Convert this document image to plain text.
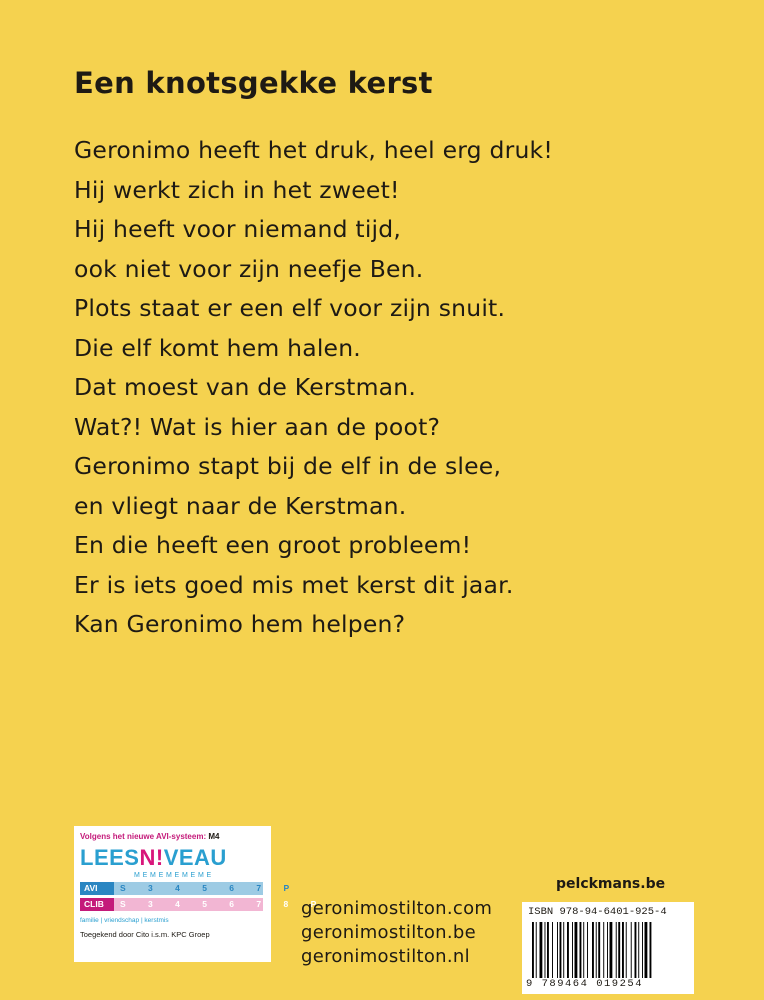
Een knotsgekke kerst
Geronimo heeft het druk, heel erg druk!
Hij werkt zich in het zweet!
Hij heeft voor niemand tijd,
ook niet voor zijn neefje Ben.
Plots staat er een elf voor zijn snuit.
Die elf komt hem halen.
Dat moest van de Kerstman.
Wat?! Wat is hier aan de poot?
Geronimo stapt bij de elf in de slee,
en vliegt naar de Kerstman.
En die heeft een groot probleem!
Er is iets goed mis met kerst dit jaar.
Kan Geronimo hem helpen?
Volgens het nieuwe AVI-systeem: M4
LEESN!VEAU
M E M E M E M E M E
AVI	S 3 4 5 6 7 P
CLIB	S 3 4 5 6 7 8 P
familie | vriendschap | kerstmis
Toegekend door Cito i.s.m. KPC Groep
geronimostilton.com
geronimostilton.be
geronimostilton.nl
pelckmans.be
ISBN 978-94-6401-925-4
9 789464 019254
